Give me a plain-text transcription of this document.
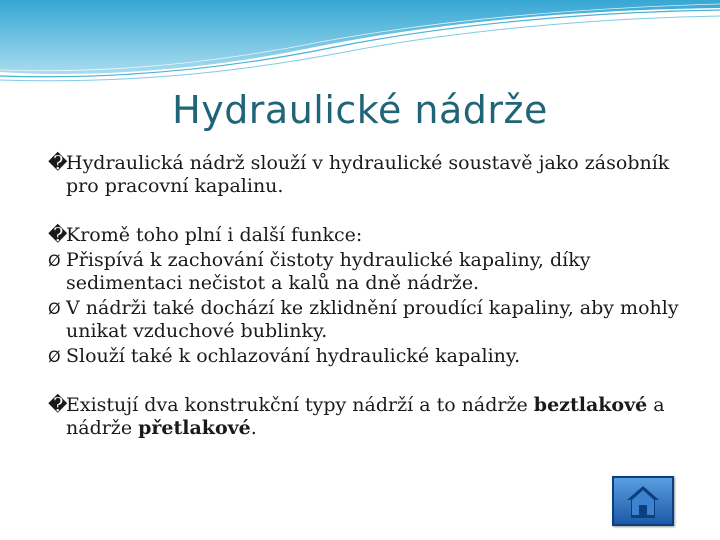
Hydraulické nádrže
�
Hydraulická nádrž slouží v hydraulické soustavě jako zásobník pro pracovní kapalinu.
�
Kromě toho plní i další funkce:
Ø Přispívá k zachování čistoty hydraulické kapaliny, díky sedimentaci nečistot a kalů na dně nádrže.
Ø V nádrži také dochází ke zklidnění proudící kapaliny, aby mohly unikat vzduchové bublinky.
Ø Slouží také k ochlazování hydraulické kapaliny.
�
Existují dva konstrukční typy nádrží a to nádrže beztlakové a nádrže přetlakové.
